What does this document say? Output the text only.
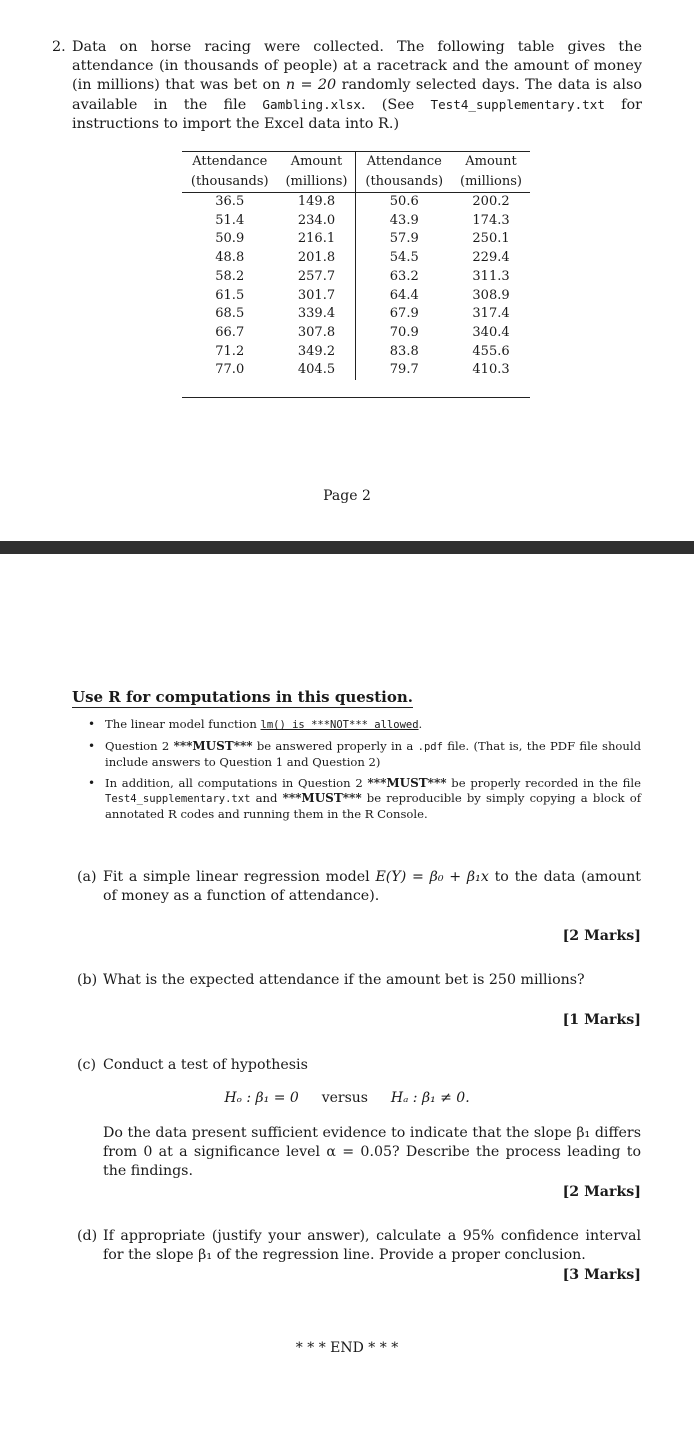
2. Data on horse racing were collected. The following table gives the attendance (in thousands of people) at a racetrack and the amount of money (in millions) that was bet on n = 20 randomly selected days. The data is also available in the file Gambling.xlsx. (See Test4_supplementary.txt for instructions to import the Excel data into R.)
Attendance	Amount	Attendance	Amount
(thousands)	(millions)	(thousands)	(millions)
36.5	149.8	50.6	200.2
51.4	234.0	43.9	174.3
50.9	216.1	57.9	250.1
48.8	201.8	54.5	229.4
58.2	257.7	63.2	311.3
61.5	301.7	64.4	308.9
68.5	339.4	67.9	317.4
66.7	307.8	70.9	340.4
71.2	349.2	83.8	455.6
77.0	404.5	79.7	410.3
Page 2
Use R for computations in this question.
• The linear model function lm() is ***NOT*** allowed.
• Question 2 ***MUST*** be answered properly in a .pdf file. (That is, the PDF file should include answers to Question 1 and Question 2)
• In addition, all computations in Question 2 ***MUST*** be properly recorded in the file Test4_supplementary.txt and ***MUST*** be reproducible by simply copying a block of annotated R codes and running them in the R Console.
(a) Fit a simple linear regression model E(Y) = β₀ + β₁x to the data (amount of money as a function of attendance).
[2 Marks]
(b) What is the expected attendance if the amount bet is 250 millions?
[1 Marks]
(c) Conduct a test of hypothesis
Hₒ : β₁ = 0 versus Hₐ : β₁ ≠ 0.
Do the data present sufficient evidence to indicate that the slope β₁ differs from 0 at a significance level α = 0.05? Describe the process leading to the findings.
[2 Marks]
(d) If appropriate (justify your answer), calculate a 95% confidence interval for the slope β₁ of the regression line. Provide a proper conclusion.
[3 Marks]
* * * END * * *
